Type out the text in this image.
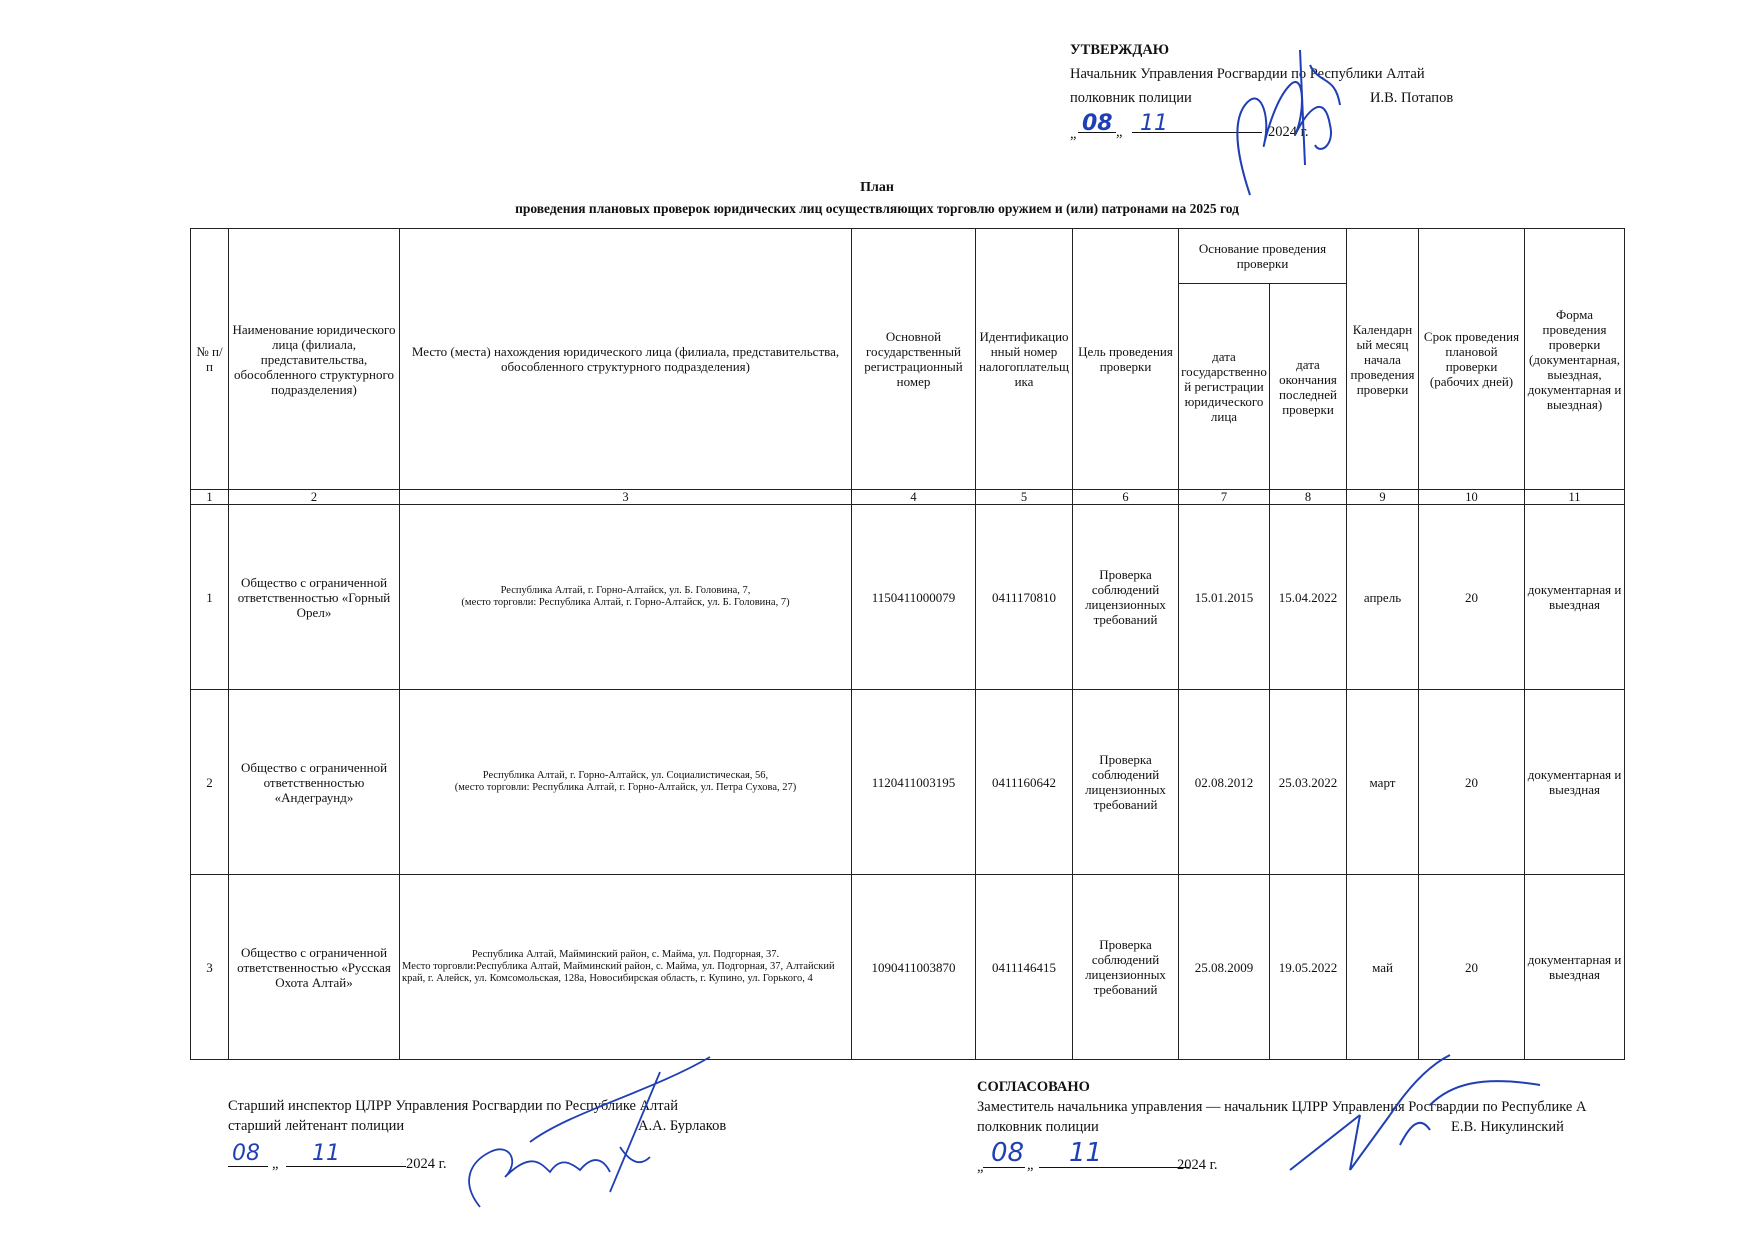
УТВЕРЖДАЮ
Начальник Управления Росгвардии по Республики Алтай
полковник полиции	И.В. Потапов
„ 08 „ 11	2024 г.
План
проведения плановых проверок юридических лиц осуществляющих торговлю оружием и (или) патронами на 2025 год
№ п/п	Наименование юридического лица (филиала, представительства, обособленного структурного подразделения)	Место (места) нахождения юридического лица (филиала, представительства, обособленного структурного подразделения)	Основной государственный регистрационный номер	Идентификационный номер налогоплательщика	Цель проведения проверки	Основание проведения проверки		Календарный месяц начала проведения проверки	Срок проведения плановой проверки (рабочих дней)	Форма проведения проверки (документарная, выездная, документарная и выездная)
						дата государственной регистрации юридического лица	дата окончания последней проверки			
1	2	3	4	5	6	7	8	9	10	11
1	Общество с ограниченной ответственностью «Горный Орел»	Республика Алтай, г. Горно-Алтайск, ул. Б. Головина, 7,
(место торговли: Республика Алтай, г. Горно-Алтайск, ул. Б. Головина, 7)	1150411000079	0411170810	Проверка соблюдений лицензионных требований	15.01.2015	15.04.2022	апрель	20	документарная и выездная
2	Общество с ограниченной ответственностью «Андеграунд»	Республика Алтай, г. Горно-Алтайск, ул. Социалистическая, 56,
(место торговли: Республика Алтай, г. Горно-Алтайск, ул. Петра Сухова, 27)	1120411003195	0411160642	Проверка соблюдений лицензионных требований	02.08.2012	25.03.2022	март	20	документарная и выездная
3	Общество с ограниченной ответственностью «Русская Охота Алтай»	Республика Алтай, Майминский район, с. Майма, ул. Подгорная, 37.
Место торговли:Республика Алтай, Майминский район, с. Майма, ул. Подгорная, 37, Алтайский край, г. Алейск, ул. Комсомольская, 128а, Новосибирская область, г. Купино, ул. Горького, 4	1090411003870	0411146415	Проверка соблюдений лицензионных требований	25.08.2009	19.05.2022	май	20	документарная и выездная
Старший инспектор ЦЛРР Управления Росгвардии по Республике Алтай
старший лейтенант полиции	А.А. Бурлаков
08 „ 11	2024 г.
СОГЛАСОВАНО
Заместитель начальника управления — начальник ЦЛРР Управления Росгвардии по Республике А
полковник полиции	Е.В. Никулинский
„ 08 „ 11	2024 г.
